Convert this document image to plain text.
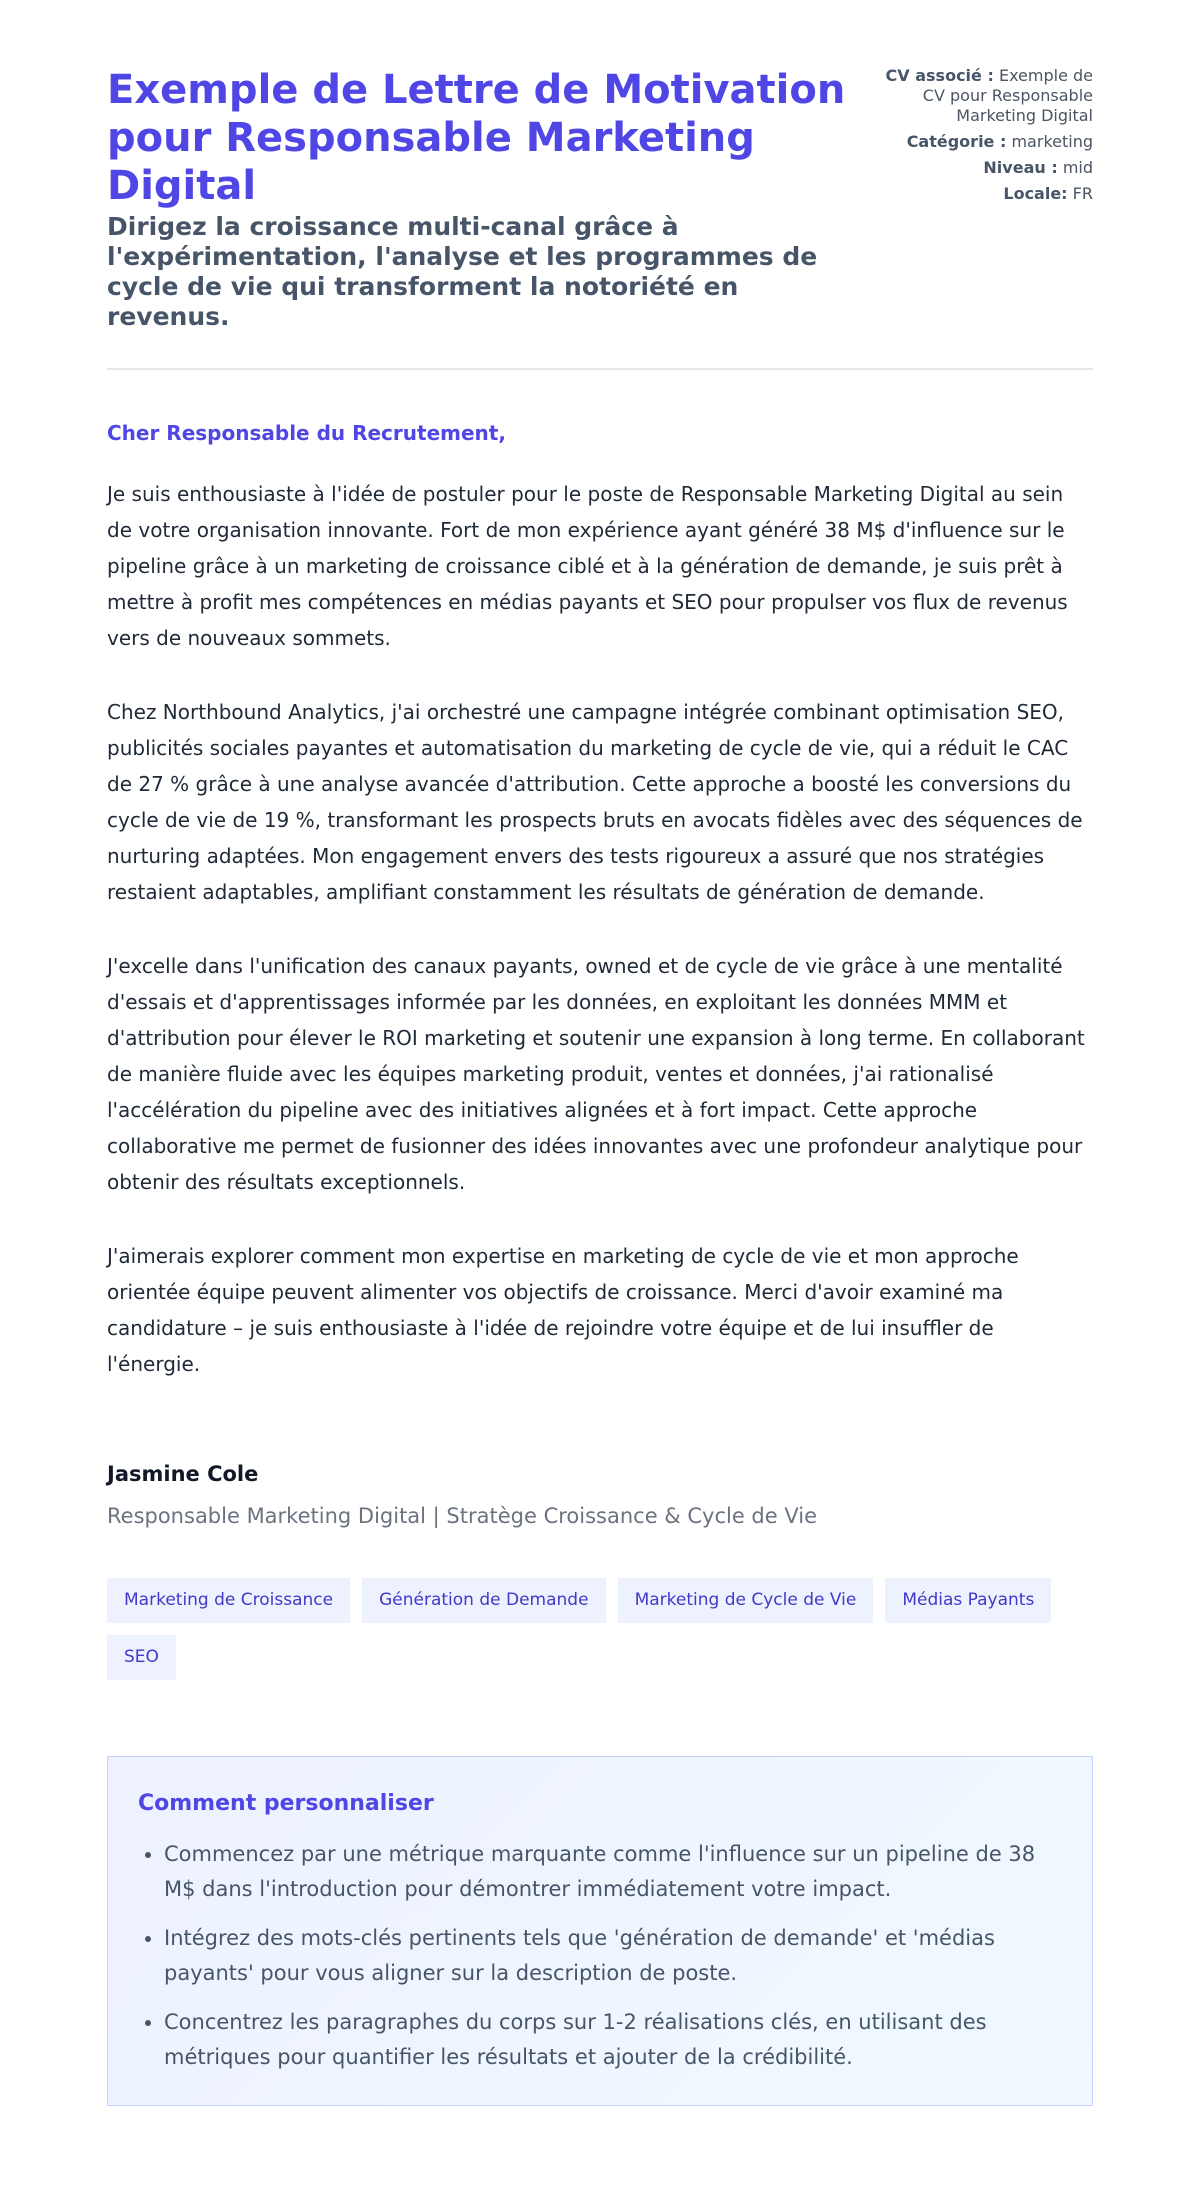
Exemple de Lettre de Motivation pour Responsable Marketing Digital
Dirigez la croissance multi-canal grâce à l'expérimentation, l'analyse et les programmes de cycle de vie qui transforment la notoriété en revenus.
CV associé : Exemple de CV pour Responsable Marketing Digital
Catégorie : marketing
Niveau : mid
Locale: FR
Cher Responsable du Recrutement,

Je suis enthousiaste à l'idée de postuler pour le poste de Responsable Marketing Digital au sein de votre organisation innovante. Fort de mon expérience ayant généré 38 M$ d'influence sur le pipeline grâce à un marketing de croissance ciblé et à la génération de demande, je suis prêt à mettre à profit mes compétences en médias payants et SEO pour propulser vos flux de revenus vers de nouveaux sommets.

Chez Northbound Analytics, j'ai orchestré une campagne intégrée combinant optimisation SEO, publicités sociales payantes et automatisation du marketing de cycle de vie, qui a réduit le CAC de 27 % grâce à une analyse avancée d'attribution. Cette approche a boosté les conversions du cycle de vie de 19 %, transformant les prospects bruts en avocats fidèles avec des séquences de nurturing adaptées. Mon engagement envers des tests rigoureux a assuré que nos stratégies restaient adaptables, amplifiant constamment les résultats de génération de demande.

J'excelle dans l'unification des canaux payants, owned et de cycle de vie grâce à une mentalité d'essais et d'apprentissages informée par les données, en exploitant les données MMM et d'attribution pour élever le ROI marketing et soutenir une expansion à long terme. En collaborant de manière fluide avec les équipes marketing produit, ventes et données, j'ai rationalisé l'accélération du pipeline avec des initiatives alignées et à fort impact. Cette approche collaborative me permet de fusionner des idées innovantes avec une profondeur analytique pour obtenir des résultats exceptionnels.

J'aimerais explorer comment mon expertise en marketing de cycle de vie et mon approche orientée équipe peuvent alimenter vos objectifs de croissance. Merci d'avoir examiné ma candidature – je suis enthousiaste à l'idée de rejoindre votre équipe et de lui insuffler de l'énergie.

Jasmine Cole
Responsable Marketing Digital | Stratège Croissance & Cycle de Vie
Marketing de Croissance	Génération de Demande	Marketing de Cycle de Vie	Médias Payants
SEO
Comment personnaliser
• Commencez par une métrique marquante comme l'influence sur un pipeline de 38 M$ dans l'introduction pour démontrer immédiatement votre impact.
• Intégrez des mots-clés pertinents tels que 'génération de demande' et 'médias payants' pour vous aligner sur la description de poste.
• Concentrez les paragraphes du corps sur 1-2 réalisations clés, en utilisant des métriques pour quantifier les résultats et ajouter de la crédibilité.
